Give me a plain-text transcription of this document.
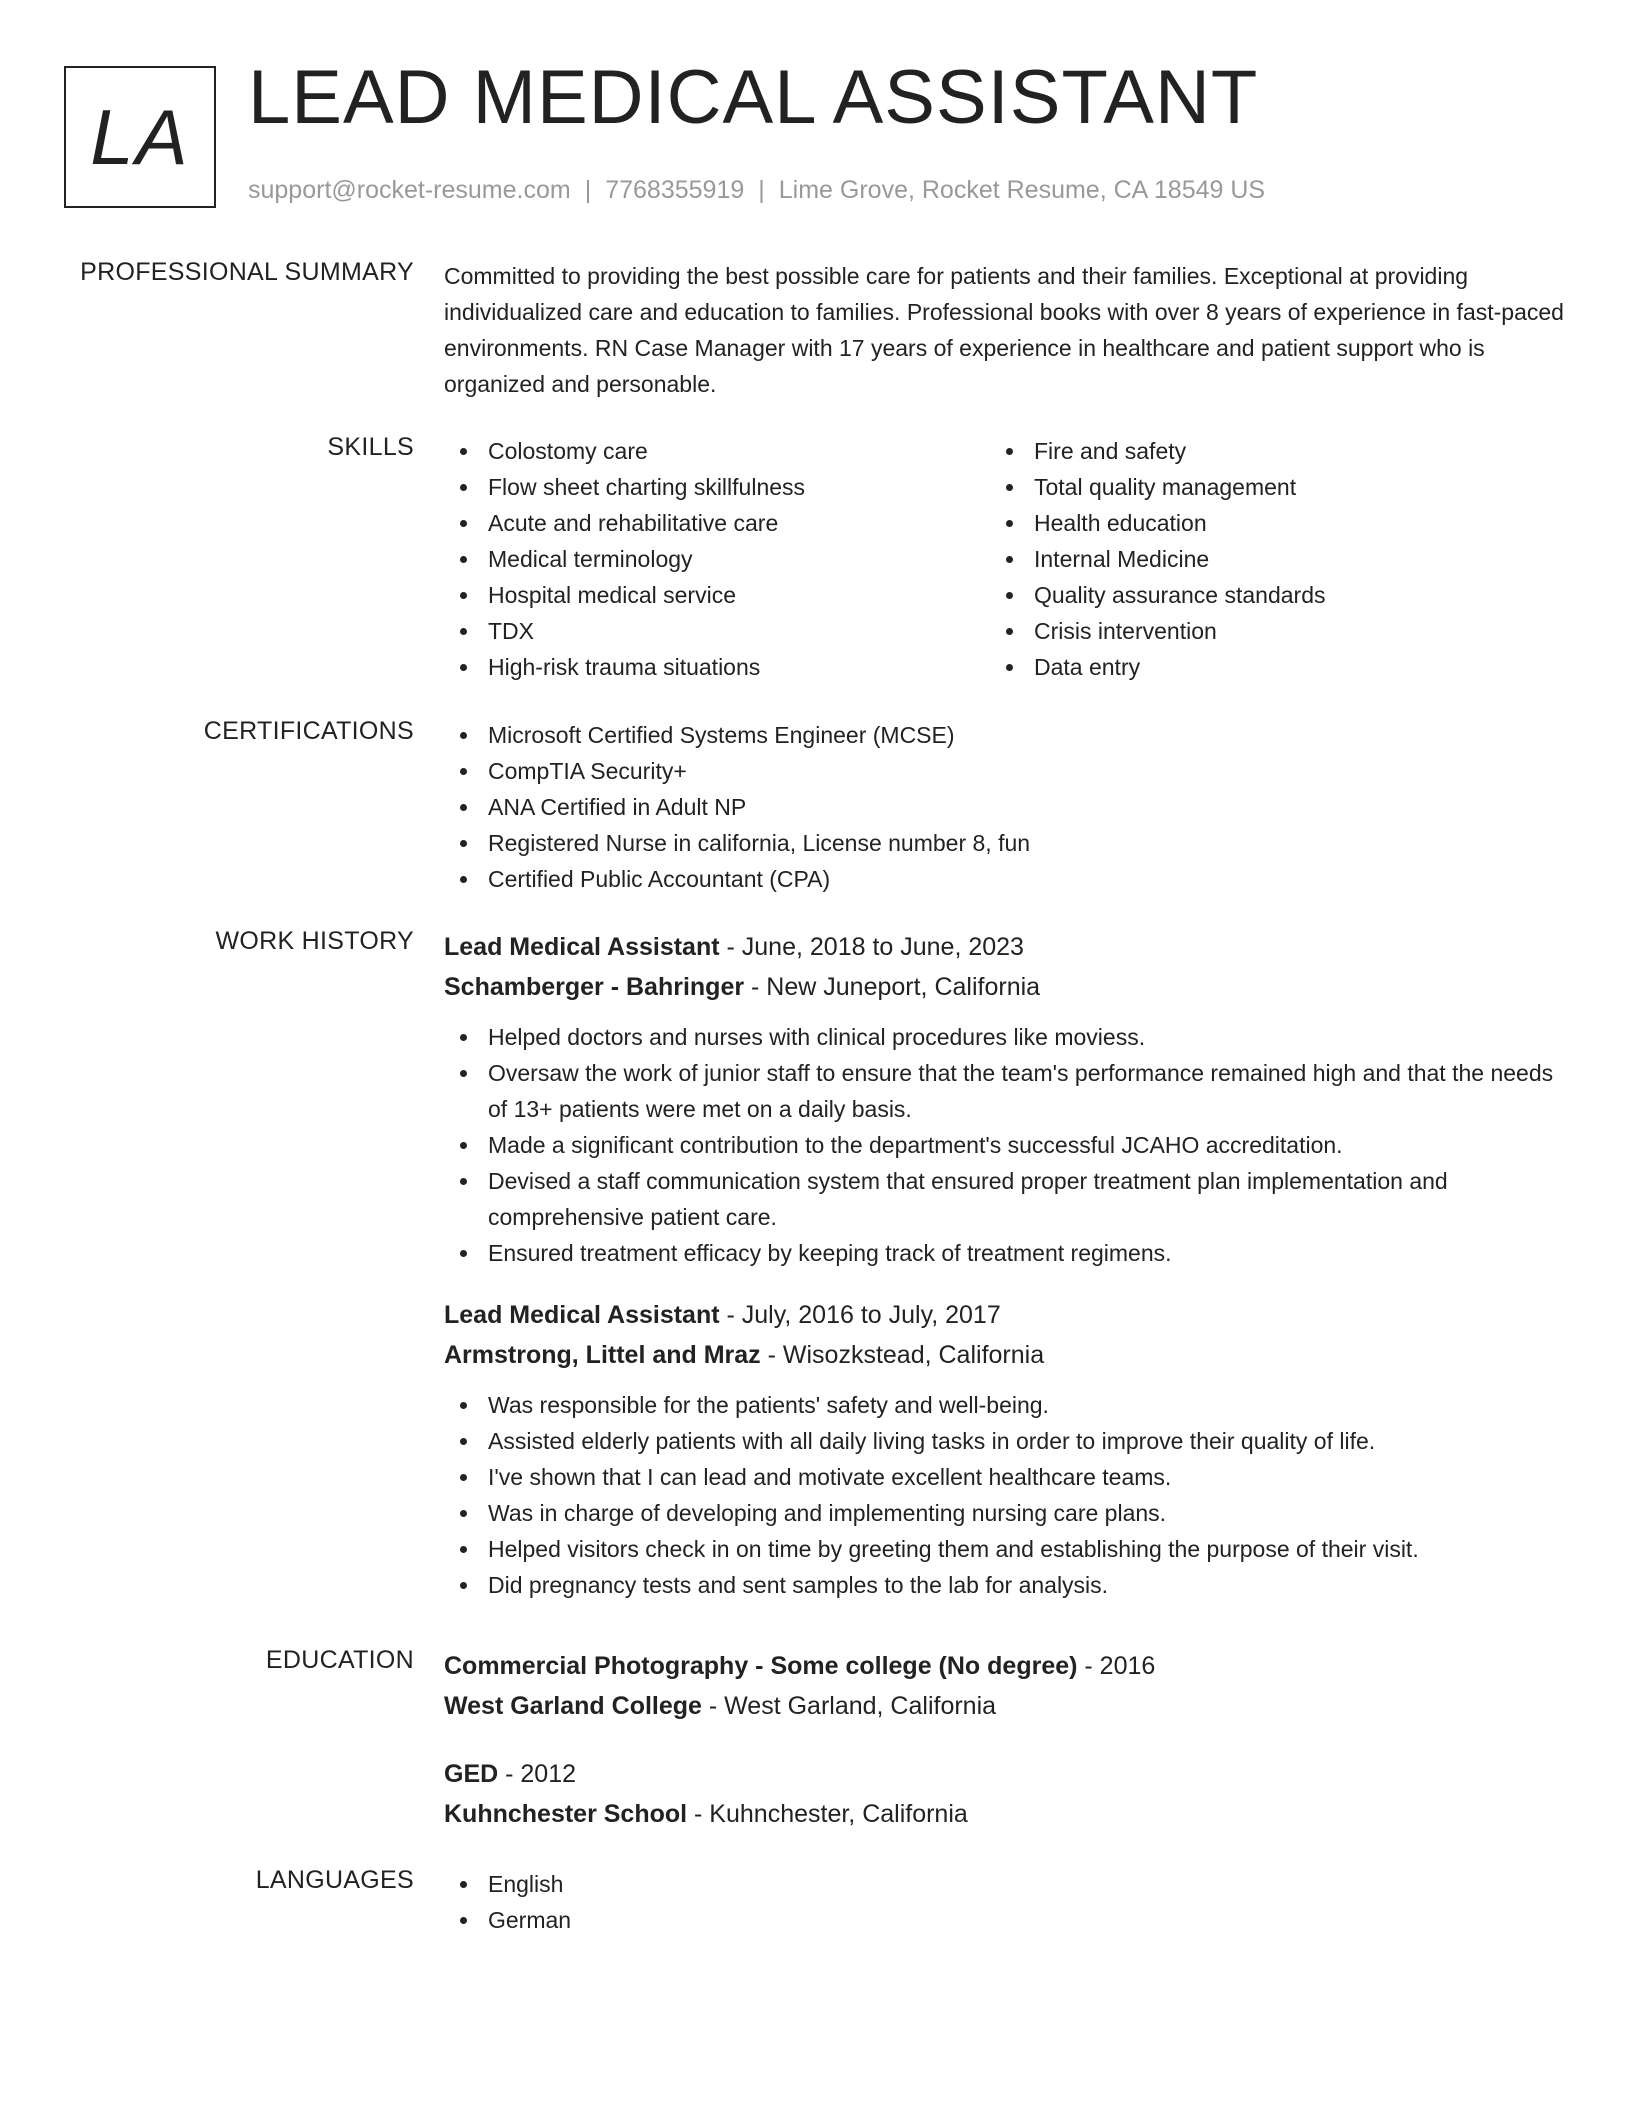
LA LEAD MEDICAL ASSISTANT
support@rocket-resume.com | 7768355919 | Lime Grove, Rocket Resume, CA 18549 US
PROFESSIONAL SUMMARY Committed to providing the best possible care for patients and their families. Exceptional at providing individualized care and education to families. Professional books with over 8 years of experience in fast-paced environments. RN Case Manager with 17 years of experience in healthcare and patient support who is organized and personable.

SKILLS	Colostomy care
Flow sheet charting skillfulness
Acute and rehabilitative care
Medical terminology
Hospital medical service
TDX
High-risk trauma situations
Fire and safety
Total quality management
Health education
Internal Medicine
Quality assurance standards
Crisis intervention
Data entry
CERTIFICATIONS	Microsoft Certified Systems Engineer (MCSE)
CompTIA Security+
ANA Certified in Adult NP
Registered Nurse in california, License number 8, fun
Certified Public Accountant (CPA)
WORK HISTORY Lead Medical Assistant - June, 2018 to June, 2023
Schamberger - Bahringer - New Juneport, California
Helped doctors and nurses with clinical procedures like moviess.
Oversaw the work of junior staff to ensure that the team's performance remained high and that the needs of 13+ patients were met on a daily basis.
Made a significant contribution to the department's successful JCAHO accreditation.
Devised a staff communication system that ensured proper treatment plan implementation and comprehensive patient care.
Ensured treatment efficacy by keeping track of treatment regimens.
Lead Medical Assistant - July, 2016 to July, 2017
Armstrong, Littel and Mraz - Wisozkstead, California
Was responsible for the patients' safety and well-being.
Assisted elderly patients with all daily living tasks in order to improve their quality of life.
I've shown that I can lead and motivate excellent healthcare teams.
Was in charge of developing and implementing nursing care plans.
Helped visitors check in on time by greeting them and establishing the purpose of their visit.
Did pregnancy tests and sent samples to the lab for analysis.
EDUCATION Commercial Photography - Some college (No degree) - 2016
West Garland College - West Garland, California
GED - 2012
Kuhnchester School - Kuhnchester, California
LANGUAGES	English
German
